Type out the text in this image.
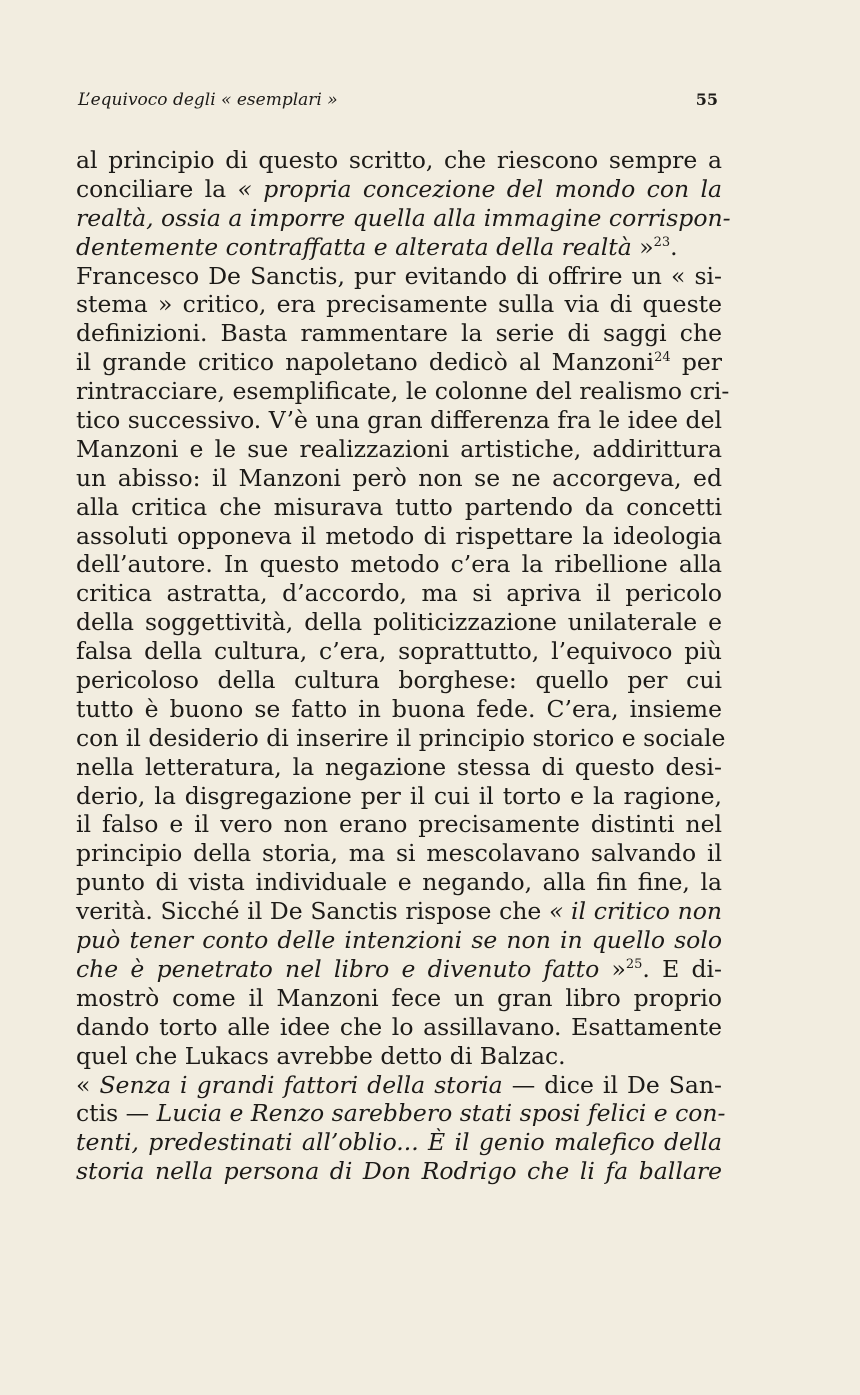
L’equivoco degli « esemplari »	55
al principio di questo scritto, che riescono sempre a
conciliare la « propria concezione del mondo con la
realtà, ossia a imporre quella alla immagine corrispon-
dentemente contraffatta e alterata della realtà »$^{23}$.
Francesco De Sanctis, pur evitando di offrire un « si-
stema » critico, era precisamente sulla via di queste
definizioni. Basta rammentare la serie di saggi che
il grande critico napoletano dedicò al Manzoni$^{24}$ per
rintracciare, esemplificate, le colonne del realismo cri-
tico successivo. V’è una gran differenza fra le idee del
Manzoni e le sue realizzazioni artistiche, addirittura
un abisso: il Manzoni però non se ne accorgeva, ed
alla critica che misurava tutto partendo da concetti
assoluti opponeva il metodo di rispettare la ideologia
dell’autore. In questo metodo c’era la ribellione alla
critica astratta, d’accordo, ma si apriva il pericolo
della soggettività, della politicizzazione unilaterale e
falsa della cultura, c’era, soprattutto, l’equivoco più
pericoloso della cultura borghese: quello per cui
tutto è buono se fatto in buona fede. C’era, insieme
con il desiderio di inserire il principio storico e sociale
nella letteratura, la negazione stessa di questo desi-
derio, la disgregazione per il cui il torto e la ragione,
il falso e il vero non erano precisamente distinti nel
principio della storia, ma si mescolavano salvando il
punto di vista individuale e negando, alla fin fine, la
verità. Sicché il De Sanctis rispose che « il critico non
può tener conto delle intenzioni se non in quello solo
che è penetrato nel libro e divenuto fatto »$^{25}$. E di-
mostrò come il Manzoni fece un gran libro proprio
dando torto alle idee che lo assillavano. Esattamente
quel che Lukacs avrebbe detto di Balzac.
« Senza i grandi fattori della storia — dice il De San-
ctis — Lucia e Renzo sarebbero stati sposi felici e con-
tenti, predestinati all’oblio... È il genio malefico della
storia nella persona di Don Rodrigo che li fa ballare
